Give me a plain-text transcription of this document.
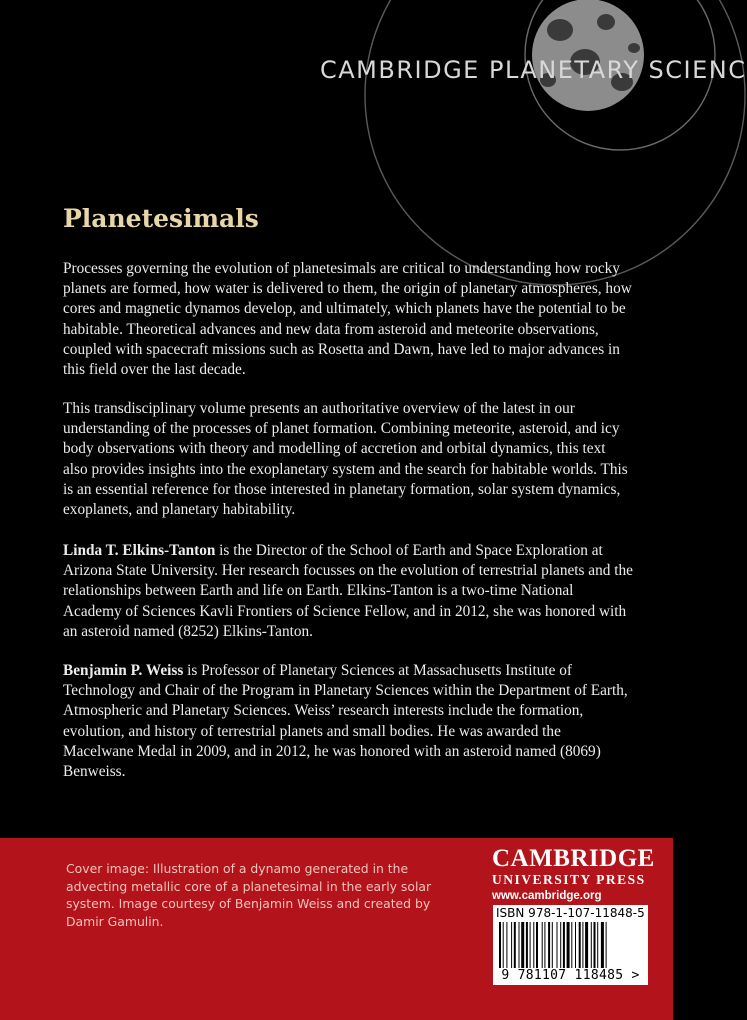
CAMBRIDGE PLANETARY SCIENC
Planetesimals

Processes governing the evolution of planetesimals are critical to understanding how rocky planets are formed, how water is delivered to them, the origin of planetary atmospheres, how cores and magnetic dynamos develop, and ultimately, which planets have the potential to be habitable. Theoretical advances and new data from asteroid and meteorite observations, coupled with spacecraft missions such as Rosetta and Dawn, have led to major advances in this field over the last decade.

This transdisciplinary volume presents an authoritative overview of the latest in our understanding of the processes of planet formation. Combining meteorite, asteroid, and icy body observations with theory and modelling of accretion and orbital dynamics, this text also provides insights into the exoplanetary system and the search for habitable worlds. This is an essential reference for those interested in planetary formation, solar system dynamics, exoplanets, and planetary habitability.

Linda T. Elkins-Tanton is the Director of the School of Earth and Space Exploration at Arizona State University. Her research focusses on the evolution of terrestrial planets and the relationships between Earth and life on Earth. Elkins-Tanton is a two-time National Academy of Sciences Kavli Frontiers of Science Fellow, and in 2012, she was honored with an asteroid named (8252) Elkins-Tanton.

Benjamin P. Weiss is Professor of Planetary Sciences at Massachusetts Institute of Technology and Chair of the Program in Planetary Sciences within the Department of Earth, Atmospheric and Planetary Sciences. Weiss’ research interests include the formation, evolution, and history of terrestrial planets and small bodies. He was awarded the Macelwane Medal in 2009, and in 2012, he was honored with an asteroid named (8069) Benweiss.

Cover image: Illustration of a dynamo generated in the advecting metallic core of a planetesimal in the early solar system. Image courtesy of Benjamin Weiss and created by Damir Gamulin.

CAMBRIDGE
UNIVERSITY PRESS
www.cambridge.org
ISBN 978-1-107-11848-5
9 781107 118485 >
